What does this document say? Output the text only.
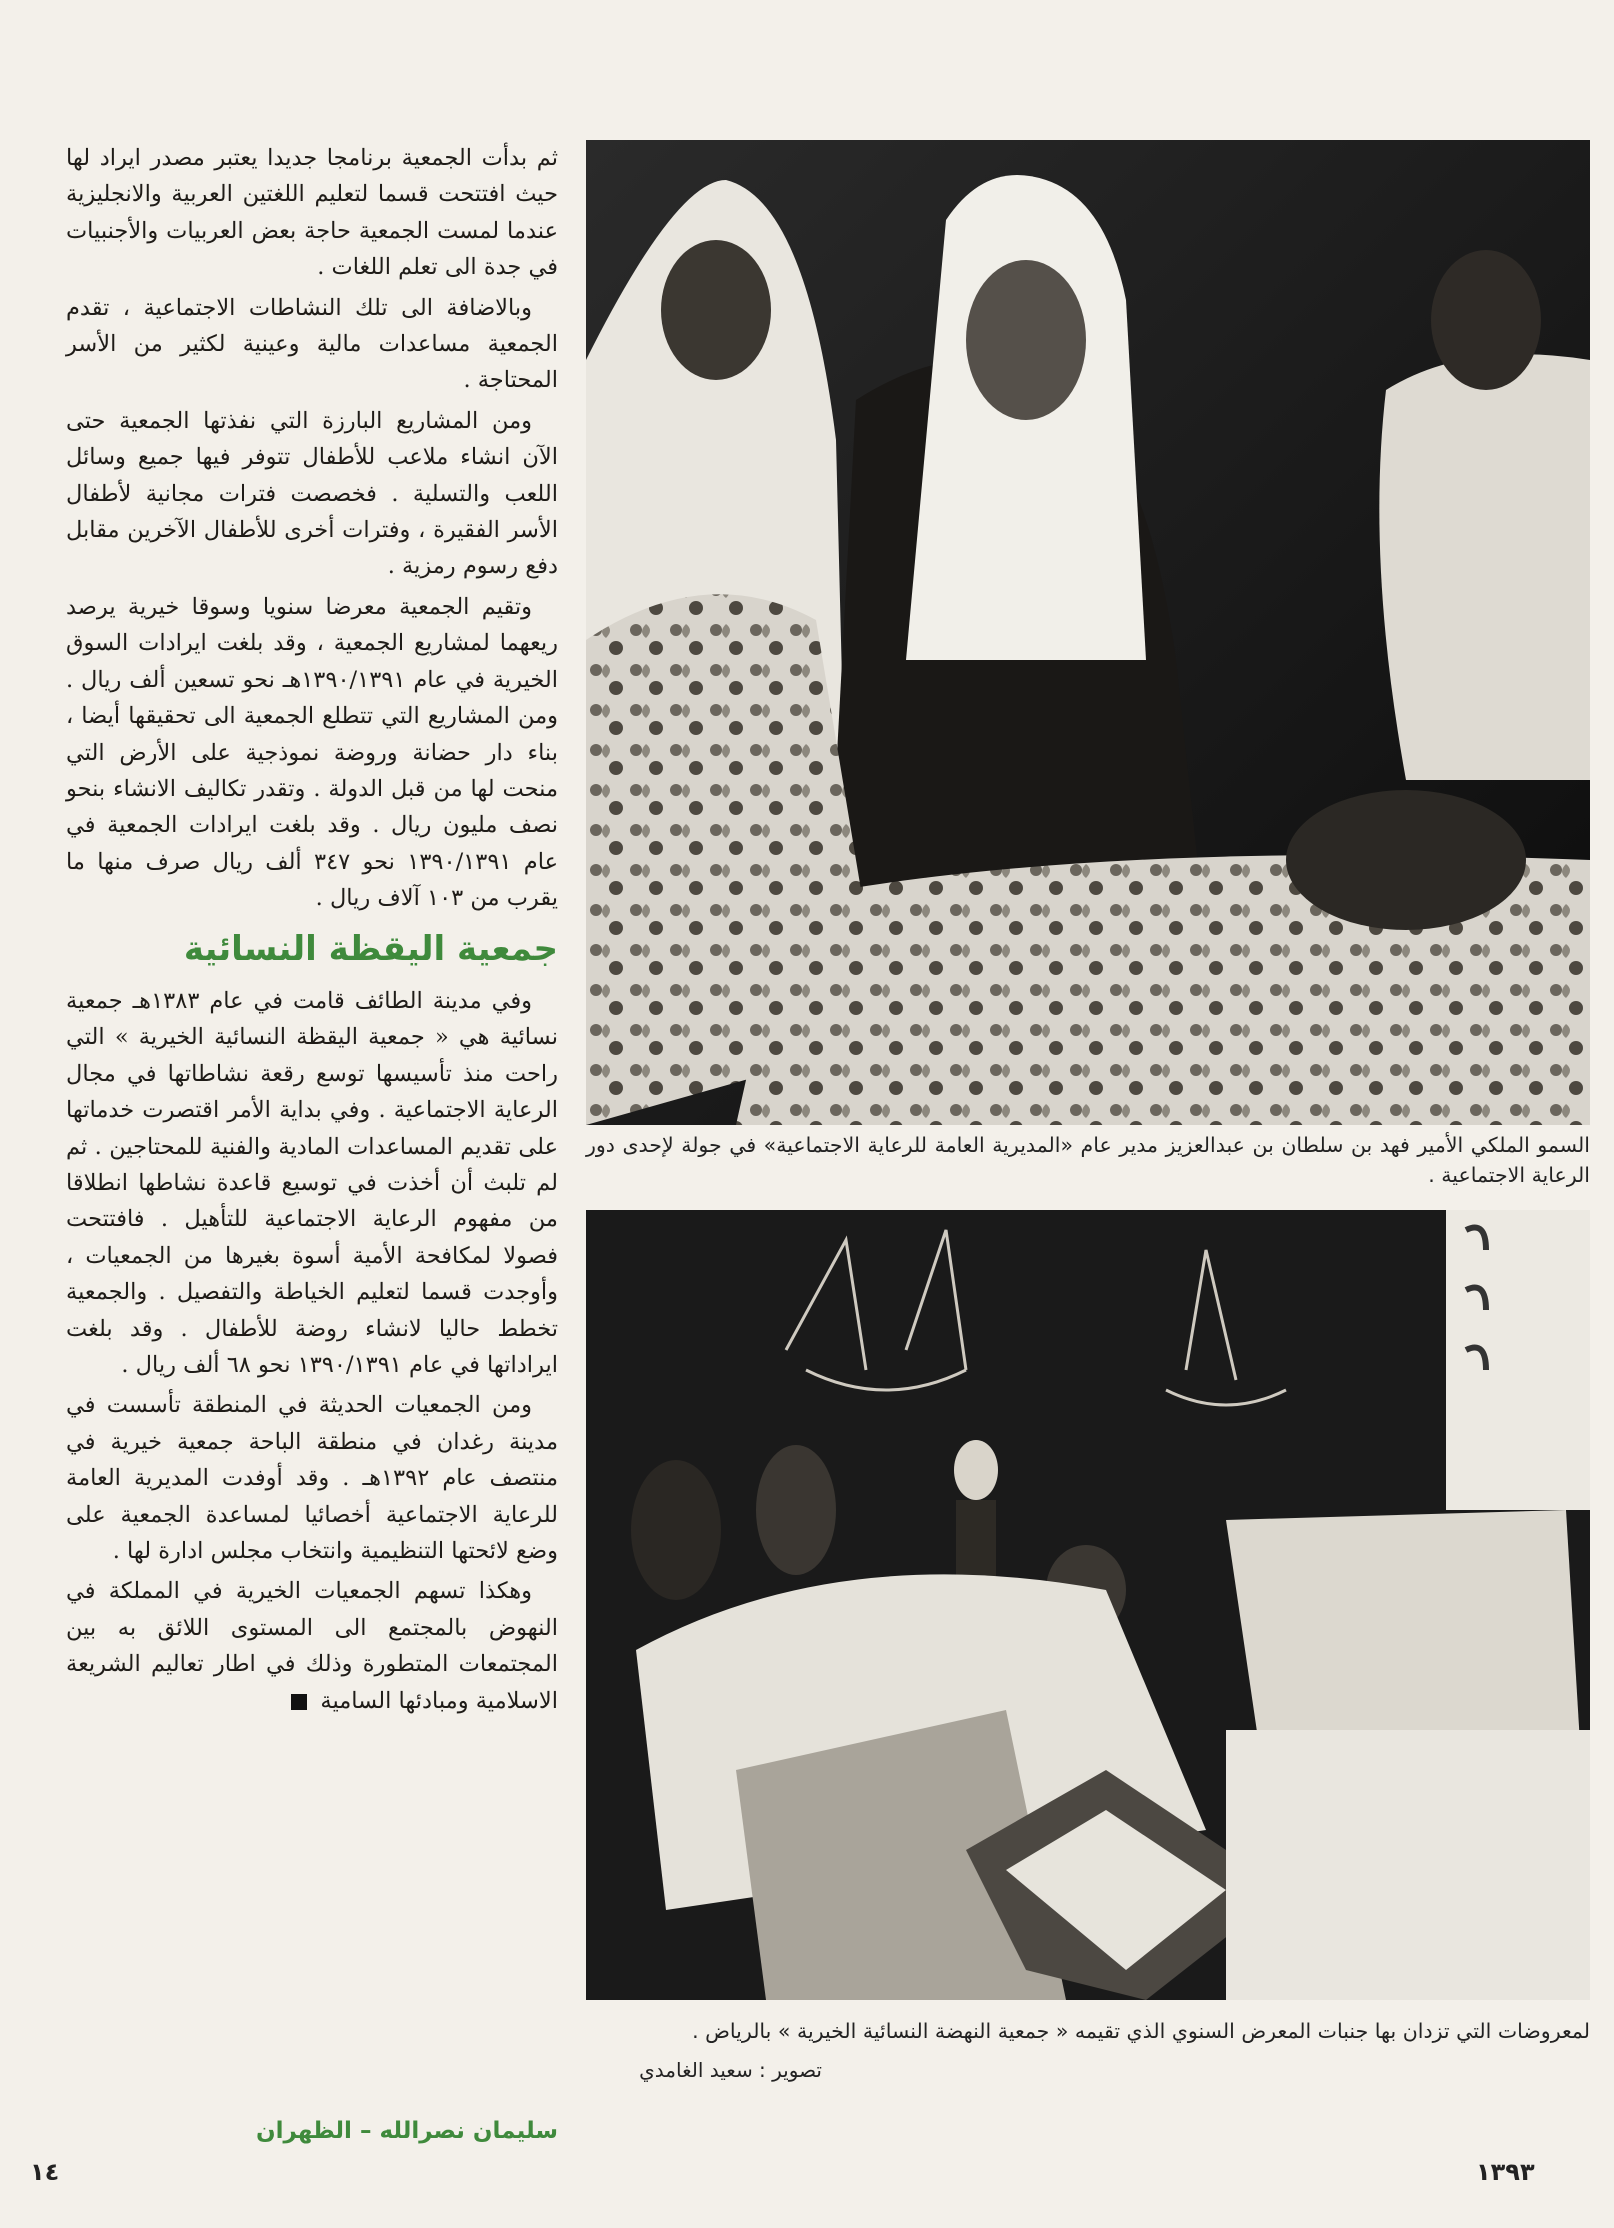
ثم بدأت الجمعية برنامجا جديدا يعتبر مصدر ايراد لها حيث افتتحت قسما لتعليم اللغتين العربية والانجليزية عندما لمست الجمعية حاجة بعض العربيات والأجنبيات في جدة الى تعلم اللغات .

وبالاضافة الى تلك النشاطات الاجتماعية ، تقدم الجمعية مساعدات مالية وعينية لكثير من الأسر المحتاجة .

ومن المشاريع البارزة التي نفذتها الجمعية حتى الآن انشاء ملاعب للأطفال تتوفر فيها جميع وسائل اللعب والتسلية . فخصصت فترات مجانية لأطفال الأسر الفقيرة ، وفترات أخرى للأطفال الآخرين مقابل دفع رسوم رمزية .

وتقيم الجمعية معرضا سنويا وسوقا خيرية يرصد ريعهما لمشاريع الجمعية ، وقد بلغت ايرادات السوق الخيرية في عام ١٣٩٠/١٣٩١هـ نحو تسعين ألف ريال . ومن المشاريع التي تتطلع الجمعية الى تحقيقها أيضا ، بناء دار حضانة وروضة نموذجية على الأرض التي منحت لها من قبل الدولة . وتقدر تكاليف الانشاء بنحو نصف مليون ريال . وقد بلغت ايرادات الجمعية في عام ١٣٩٠/١٣٩١ نحو ٣٤٧ ألف ريال صرف منها ما يقرب من ١٠٣ آلاف ريال .

جمعية اليقظة النسائية

وفي مدينة الطائف قامت في عام ١٣٨٣هـ جمعية نسائية هي « جمعية اليقظة النسائية الخيرية » التي راحت منذ تأسيسها توسع رقعة نشاطاتها في مجال الرعاية الاجتماعية . وفي بداية الأمر اقتصرت خدماتها على تقديم المساعدات المادية والفنية للمحتاجين . ثم لم تلبث أن أخذت في توسيع قاعدة نشاطها انطلاقا من مفهوم الرعاية الاجتماعية للتأهيل . فافتتحت فصولا لمكافحة الأمية أسوة بغيرها من الجمعيات ، وأوجدت قسما لتعليم الخياطة والتفصيل . والجمعية تخطط حاليا لانشاء روضة للأطفال . وقد بلغت ايراداتها في عام ١٣٩٠/١٣٩١ نحو ٦٨ ألف ريال .

ومن الجمعيات الحديثة في المنطقة تأسست في مدينة رغدان في منطقة الباحة جمعية خيرية في منتصف عام ١٣٩٢هـ . وقد أوفدت المديرية العامة للرعاية الاجتماعية أخصائيا لمساعدة الجمعية على وضع لائحتها التنظيمية وانتخاب مجلس ادارة لها .

وهكذا تسهم الجمعيات الخيرية في المملكة في النهوض بالمجتمع الى المستوى اللائق به بين المجتمعات المتطورة وذلك في اطار تعاليم الشريعة الاسلامية ومبادئها السامية

سليمان نصرالله – الظهران
١٤	١٣٩٣
السمو الملكي الأمير فهد بن سلطان بن عبدالعزيز مدير عام «المديرية العامة للرعاية الاجتماعية» في جولة لإحدى دور الرعاية الاجتماعية .
لمعروضات التي تزدان بها جنبات المعرض السنوي الذي تقيمه « جمعية النهضة النسائية الخيرية » بالرياض .
تصوير : سعيد الغامدي
